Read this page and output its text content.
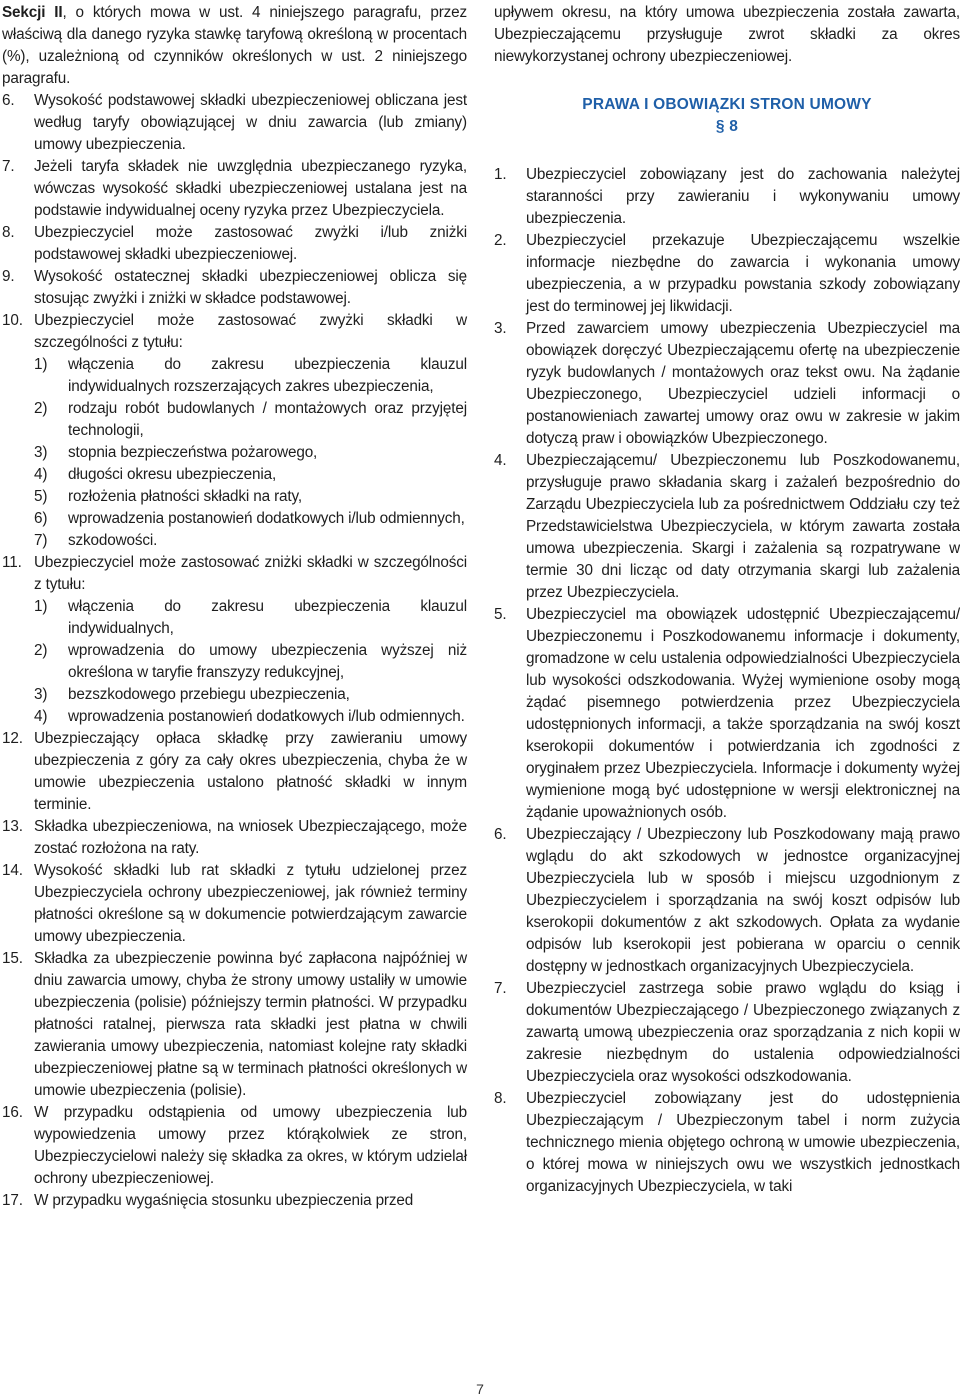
Sekcji II, o których mowa w ust. 4 niniejszego paragrafu, przez właściwą dla danego ryzyka stawkę taryfową określoną w procentach (%), uzależnioną od czynników określonych w ust. 2 niniejszego paragrafu.

6. Wysokość podstawowej składki ubezpieczeniowej obliczana jest według taryfy obowiązującej w dniu zawarcia (lub zmiany) umowy ubezpieczenia.
7. Jeżeli taryfa składek nie uwzględnia ubezpieczanego ryzyka, wówczas wysokość składki ubezpieczeniowej ustalana jest na podstawie indywidualnej oceny ryzyka przez Ubezpieczyciela.
8. Ubezpieczyciel może zastosować zwyżki i/lub zniżki podstawowej składki ubezpieczeniowej.
9. Wysokość ostatecznej składki ubezpieczeniowej oblicza się stosując zwyżki i zniżki w składce podstawowej.
10. Ubezpieczyciel może zastosować zwyżki składki w szczególności z tytułu:
1) włączenia do zakresu ubezpieczenia klauzul indywidualnych rozszerzających zakres ubezpieczenia,
2) rodzaju robót budowlanych / montażowych oraz przyjętej technologii,
3) stopnia bezpieczeństwa pożarowego,
4) długości okresu ubezpieczenia,
5) rozłożenia płatności składki na raty,
6) wprowadzenia postanowień dodatkowych i/lub odmiennych,
7) szkodowości.
11. Ubezpieczyciel może zastosować zniżki składki w szczególności z tytułu:
1) włączenia do zakresu ubezpieczenia klauzul indywidualnych,
2) wprowadzenia do umowy ubezpieczenia wyższej niż określona w taryfie franszyzy redukcyjnej,
3) bezszkodowego przebiegu ubezpieczenia,
4) wprowadzenia postanowień dodatkowych i/lub odmiennych.
12. Ubezpieczający opłaca składkę przy zawieraniu umowy ubezpieczenia z góry za cały okres ubezpieczenia, chyba że w umowie ubezpieczenia ustalono płatność składki w innym terminie.
13. Składka ubezpieczeniowa, na wniosek Ubezpieczającego, może zostać rozłożona na raty.
14. Wysokość składki lub rat składki z tytułu udzielonej przez Ubezpieczyciela ochrony ubezpieczeniowej, jak również terminy płatności określone są w dokumencie potwierdzającym zawarcie umowy ubezpieczenia.
15. Składka za ubezpieczenie powinna być zapłacona najpóźniej w dniu zawarcia umowy, chyba że strony umowy ustaliły w umowie ubezpieczenia (polisie) późniejszy termin płatności. W przypadku płatności ratalnej, pierwsza rata składki jest płatna w chwili zawierania umowy ubezpieczenia, natomiast kolejne raty składki ubezpieczeniowej płatne są w terminach płatności określonych w umowie ubezpieczenia (polisie).
16. W przypadku odstąpienia od umowy ubezpieczenia lub wypowiedzenia umowy przez którąkolwiek ze stron, Ubezpieczycielowi należy się składka za okres, w którym udzielał ochrony ubezpieczeniowej.
17. W przypadku wygaśnięcia stosunku ubezpieczenia przed

upływem okresu, na który umowa ubezpieczenia została zawarta, Ubezpieczającemu przysługuje zwrot składki za okres niewykorzystanej ochrony ubezpieczeniowej.

PRAWA I OBOWIĄZKI STRON UMOWY
§ 8
1. Ubezpieczyciel zobowiązany jest do zachowania należytej staranności przy zawieraniu i wykonywaniu umowy ubezpieczenia.
2. Ubezpieczyciel przekazuje Ubezpieczającemu wszelkie informacje niezbędne do zawarcia i wykonania umowy ubezpieczenia, a w przypadku powstania szkody zobowiązany jest do terminowej jej likwidacji.
3. Przed zawarciem umowy ubezpieczenia Ubezpieczyciel ma obowiązek doręczyć Ubezpieczającemu ofertę na ubezpieczenie ryzyk budowlanych / montażowych oraz tekst owu. Na żądanie Ubezpieczonego, Ubezpieczyciel udzieli informacji o postanowieniach zawartej umowy oraz owu w zakresie w jakim dotyczą praw i obowiązków Ubezpieczonego.
4. Ubezpieczającemu/ Ubezpieczonemu lub Poszkodowanemu, przysługuje prawo składania skarg i zażaleń bezpośrednio do Zarządu Ubezpieczyciela lub za pośrednictwem Oddziału czy też Przedstawicielstwa Ubezpieczyciela, w którym zawarta została umowa ubezpieczenia. Skargi i zażalenia są rozpatrywane w termie 30 dni licząc od daty otrzymania skargi lub zażalenia przez Ubezpieczyciela.
5. Ubezpieczyciel ma obowiązek udostępnić Ubezpieczającemu/ Ubezpieczonemu i Poszkodowanemu informacje i dokumenty, gromadzone w celu ustalenia odpowiedzialności Ubezpieczyciela lub wysokości odszkodowania. Wyżej wymienione osoby mogą żądać pisemnego potwierdzenia przez Ubezpieczyciela udostępnionych informacji, a także sporządzania na swój koszt kserokopii dokumentów i potwierdzania ich zgodności z oryginałem przez Ubezpieczyciela. Informacje i dokumenty wyżej wymienione mogą być udostępnione w wersji elektronicznej na żądanie upoważnionych osób.
6. Ubezpieczający / Ubezpieczony lub Poszkodowany mają prawo wglądu do akt szkodowych w jednostce organizacyjnej Ubezpieczyciela lub w sposób i miejscu uzgodnionym z Ubezpieczycielem i sporządzania na swój koszt odpisów lub kserokopii dokumentów z akt szkodowych. Opłata za wydanie odpisów lub kserokopii jest pobierana w oparciu o cennik dostępny w jednostkach organizacyjnych Ubezpieczyciela.
7. Ubezpieczyciel zastrzega sobie prawo wglądu do ksiąg i dokumentów Ubezpieczającego / Ubezpieczonego związanych z zawartą umową ubezpieczenia oraz sporządzania z nich kopii w zakresie niezbędnym do ustalenia odpowiedzialności Ubezpieczyciela oraz wysokości odszkodowania.
8. Ubezpieczyciel zobowiązany jest do udostępnienia Ubezpieczającym / Ubezpieczonym tabel i norm zużycia technicznego mienia objętego ochroną w umowie ubezpieczenia, o której mowa w niniejszych owu we wszystkich jednostkach organizacyjnych Ubezpieczyciela, w taki
7
